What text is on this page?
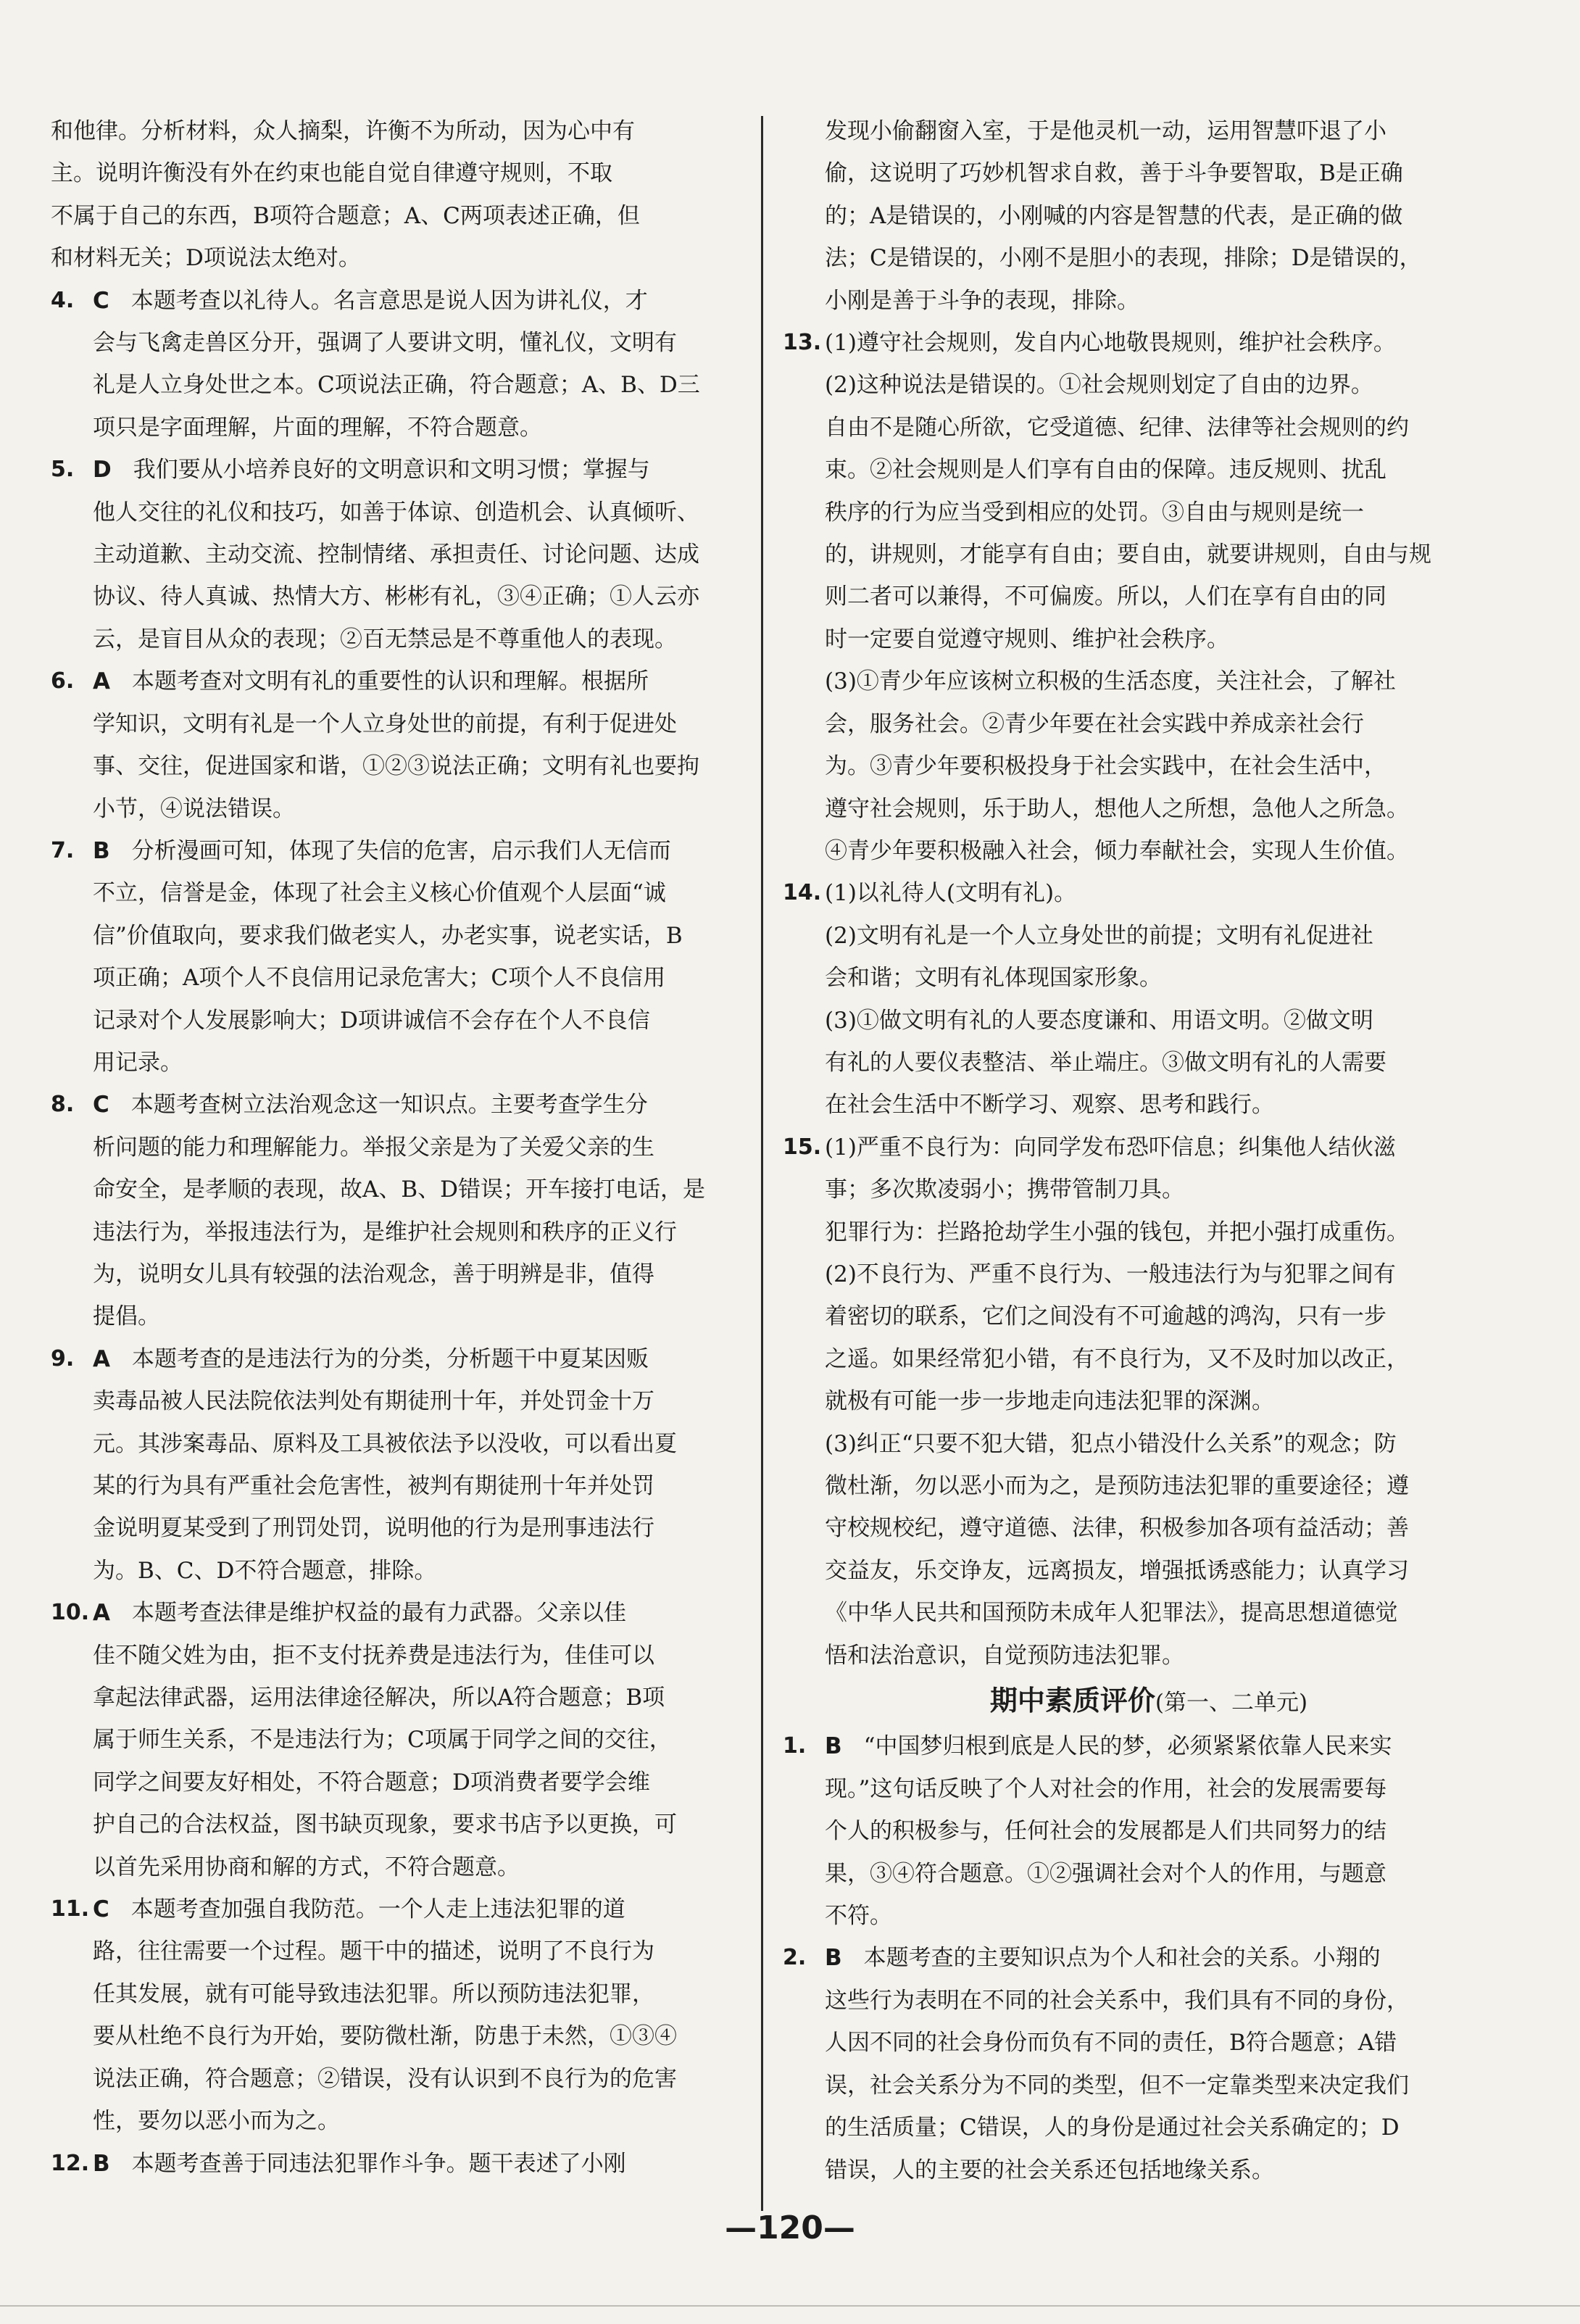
和他律。分析材料，众人摘梨，许衡不为所动，因为心中有

主。说明许衡没有外在约束也能自觉自律遵守规则，不取

不属于自己的东西，B项符合题意；A、C两项表述正确，但

和材料无关；D项说法太绝对。

4. C 本题考查以礼待人。名言意思是说人因为讲礼仪，才

会与飞禽走兽区分开，强调了人要讲文明，懂礼仪，文明有

礼是人立身处世之本。C项说法正确，符合题意；A、B、D三

项只是字面理解，片面的理解，不符合题意。

5. D 我们要从小培养良好的文明意识和文明习惯；掌握与

他人交往的礼仪和技巧，如善于体谅、创造机会、认真倾听、

主动道歉、主动交流、控制情绪、承担责任、讨论问题、达成

协议、待人真诚、热情大方、彬彬有礼，③④正确；①人云亦

云，是盲目从众的表现；②百无禁忌是不尊重他人的表现。

6. A 本题考查对文明有礼的重要性的认识和理解。根据所

学知识，文明有礼是一个人立身处世的前提，有利于促进处

事、交往，促进国家和谐，①②③说法正确；文明有礼也要拘

小节，④说法错误。

7. B 分析漫画可知，体现了失信的危害，启示我们人无信而

不立，信誉是金，体现了社会主义核心价值观个人层面“诚

信”价值取向，要求我们做老实人，办老实事，说老实话，B

项正确；A项个人不良信用记录危害大；C项个人不良信用

记录对个人发展影响大；D项讲诚信不会存在个人不良信

用记录。

8. C 本题考查树立法治观念这一知识点。主要考查学生分

析问题的能力和理解能力。举报父亲是为了关爱父亲的生

命安全，是孝顺的表现，故A、B、D错误；开车接打电话，是

违法行为，举报违法行为，是维护社会规则和秩序的正义行

为，说明女儿具有较强的法治观念，善于明辨是非，值得

提倡。

9. A 本题考查的是违法行为的分类，分析题干中夏某因贩

卖毒品被人民法院依法判处有期徒刑十年，并处罚金十万

元。其涉案毒品、原料及工具被依法予以没收，可以看出夏

某的行为具有严重社会危害性，被判有期徒刑十年并处罚

金说明夏某受到了刑罚处罚，说明他的行为是刑事违法行

为。B、C、D不符合题意，排除。

10. A 本题考查法律是维护权益的最有力武器。父亲以佳

佳不随父姓为由，拒不支付抚养费是违法行为，佳佳可以

拿起法律武器，运用法律途径解决，所以A符合题意；B项

属于师生关系，不是违法行为；C项属于同学之间的交往，

同学之间要友好相处，不符合题意；D项消费者要学会维

护自己的合法权益，图书缺页现象，要求书店予以更换，可

以首先采用协商和解的方式，不符合题意。

11. C 本题考查加强自我防范。一个人走上违法犯罪的道

路，往往需要一个过程。题干中的描述，说明了不良行为

任其发展，就有可能导致违法犯罪。所以预防违法犯罪，

要从杜绝不良行为开始，要防微杜渐，防患于未然，①③④

说法正确，符合题意；②错误，没有认识到不良行为的危害

性，要勿以恶小而为之。

12. B 本题考查善于同违法犯罪作斗争。题干表述了小刚

发现小偷翻窗入室，于是他灵机一动，运用智慧吓退了小

偷，这说明了巧妙机智求自救，善于斗争要智取，B是正确

的；A是错误的，小刚喊的内容是智慧的代表，是正确的做

法；C是错误的，小刚不是胆小的表现，排除；D是错误的，

小刚是善于斗争的表现，排除。

13. (1)遵守社会规则，发自内心地敬畏规则，维护社会秩序。

(2)这种说法是错误的。①社会规则划定了自由的边界。

自由不是随心所欲，它受道德、纪律、法律等社会规则的约

束。②社会规则是人们享有自由的保障。违反规则、扰乱

秩序的行为应当受到相应的处罚。③自由与规则是统一

的，讲规则，才能享有自由；要自由，就要讲规则，自由与规

则二者可以兼得，不可偏废。所以，人们在享有自由的同

时一定要自觉遵守规则、维护社会秩序。

(3)①青少年应该树立积极的生活态度，关注社会，了解社

会，服务社会。②青少年要在社会实践中养成亲社会行

为。③青少年要积极投身于社会实践中，在社会生活中，

遵守社会规则，乐于助人，想他人之所想，急他人之所急。

④青少年要积极融入社会，倾力奉献社会，实现人生价值。

14. (1)以礼待人(文明有礼)。

(2)文明有礼是一个人立身处世的前提；文明有礼促进社

会和谐；文明有礼体现国家形象。

(3)①做文明有礼的人要态度谦和、用语文明。②做文明

有礼的人要仪表整洁、举止端庄。③做文明有礼的人需要

在社会生活中不断学习、观察、思考和践行。

15. (1)严重不良行为：向同学发布恐吓信息；纠集他人结伙滋

事；多次欺凌弱小；携带管制刀具。

犯罪行为：拦路抢劫学生小强的钱包，并把小强打成重伤。

(2)不良行为、严重不良行为、一般违法行为与犯罪之间有

着密切的联系，它们之间没有不可逾越的鸿沟，只有一步

之遥。如果经常犯小错，有不良行为，又不及时加以改正，

就极有可能一步一步地走向违法犯罪的深渊。

(3)纠正“只要不犯大错，犯点小错没什么关系”的观念；防

微杜渐，勿以恶小而为之，是预防违法犯罪的重要途径；遵

守校规校纪，遵守道德、法律，积极参加各项有益活动；善

交益友，乐交诤友，远离损友，增强抵诱惑能力；认真学习

《中华人民共和国预防未成年人犯罪法》，提高思想道德觉

悟和法治意识，自觉预防违法犯罪。

期中素质评价(第一、二单元)

1. B “中国梦归根到底是人民的梦，必须紧紧依靠人民来实

现。”这句话反映了个人对社会的作用，社会的发展需要每

个人的积极参与，任何社会的发展都是人们共同努力的结

果，③④符合题意。①②强调社会对个人的作用，与题意

不符。

2. B 本题考查的主要知识点为个人和社会的关系。小翔的

这些行为表明在不同的社会关系中，我们具有不同的身份，

人因不同的社会身份而负有不同的责任，B符合题意；A错

误，社会关系分为不同的类型，但不一定靠类型来决定我们

的生活质量；C错误，人的身份是通过社会关系确定的；D

错误，人的主要的社会关系还包括地缘关系。

—120—
